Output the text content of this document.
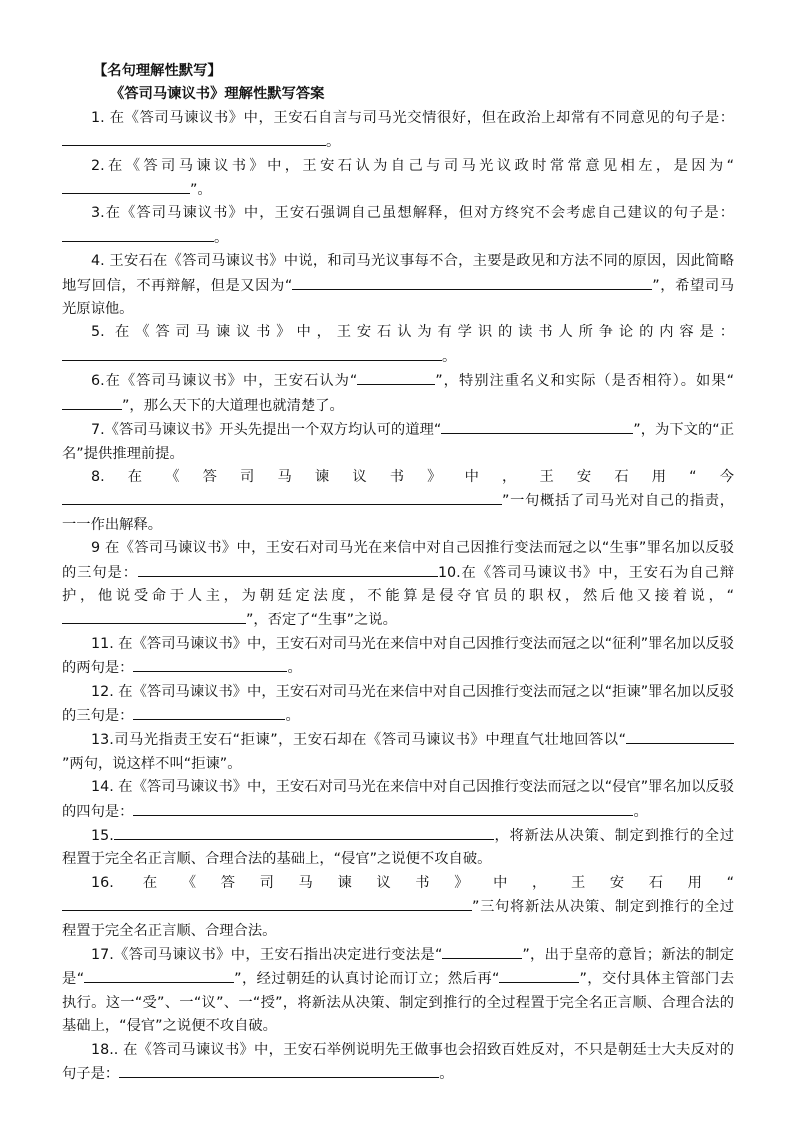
【名句理解性默写】
《答司马谏议书》理解性默写答案
1. 在《答司马谏议书》中，王安石自言与司马光交情很好，但在政治上却常有不同意见的句子是：。
2.在《答司马谏议书》中，王安石认为自己与司马光议政时常常意见相左，是因为“”。
3.在《答司马谏议书》中，王安石强调自己虽想解释，但对方终究不会考虑自己建议的句子是：。
4. 王安石在《答司马谏议书》中说，和司马光议事每不合，主要是政见和方法不同的原因，因此简略地写回信，不再辩解，但是又因为“	”，希望司马光原谅他。
5. 在《答司马谏议书》中，王安石认为有学识的读书人所争论的内容是：。
6.在《答司马谏议书》中，王安石认为“	”，特别注重名义和实际（是否相符）。如果“”，那么天下的大道理也就清楚了。
7.《答司马谏议书》开头先提出一个双方均认可的道理“	”，为下文的“正名”提供推理前提。
8.在《答司马谏议书》中，王安石用“今”一句概括了司马光对自己的指责，一一作出解释。
9 在《答司马谏议书》中，王安石对司马光在来信中对自己因推行变法而冠之以“生事”罪名加以反驳的三句是：	10.在《答司马谏议书》中，王安石为自己辩护，他说受命于人主，为朝廷定法度，不能算是侵夺官员的职权，然后他又接着说，“”，否定了“生事”之说。
11. 在《答司马谏议书》中，王安石对司马光在来信中对自己因推行变法而冠之以“征利”罪名加以反驳的两句是：	。
12. 在《答司马谏议书》中，王安石对司马光在来信中对自己因推行变法而冠之以“拒谏”罪名加以反驳的三句是：	。
13.司马光指责王安石“拒谏”，王安石却在《答司马谏议书》中理直气壮地回答以“”两句，说这样不叫“拒谏”。
14. 在《答司马谏议书》中，王安石对司马光在来信中对自己因推行变法而冠之以“侵官”罪名加以反驳的四句是：	。
15.	，将新法从决策、制定到推行的全过程置于完全名正言顺、合理合法的基础上，“侵官”之说便不攻自破。
16. 在《答司马谏议书》中，王安石用“”三句将新法从决策、制定到推行的全过程置于完全名正言顺、合理合法。
17.《答司马谏议书》中，王安石指出决定进行变法是“	”，出于皇帝的意旨；新法的制定是“	”，经过朝廷的认真讨论而订立；然后再“	”，交付具体主管部门去执行。这一“受”、一“议”、一“授”，将新法从决策、制定到推行的全过程置于完全名正言顺、合理合法的基础上，“侵官”之说便不攻自破。
18.. 在《答司马谏议书》中，王安石举例说明先王做事也会招致百姓反对，不只是朝廷士大夫反对的句子是：	。
